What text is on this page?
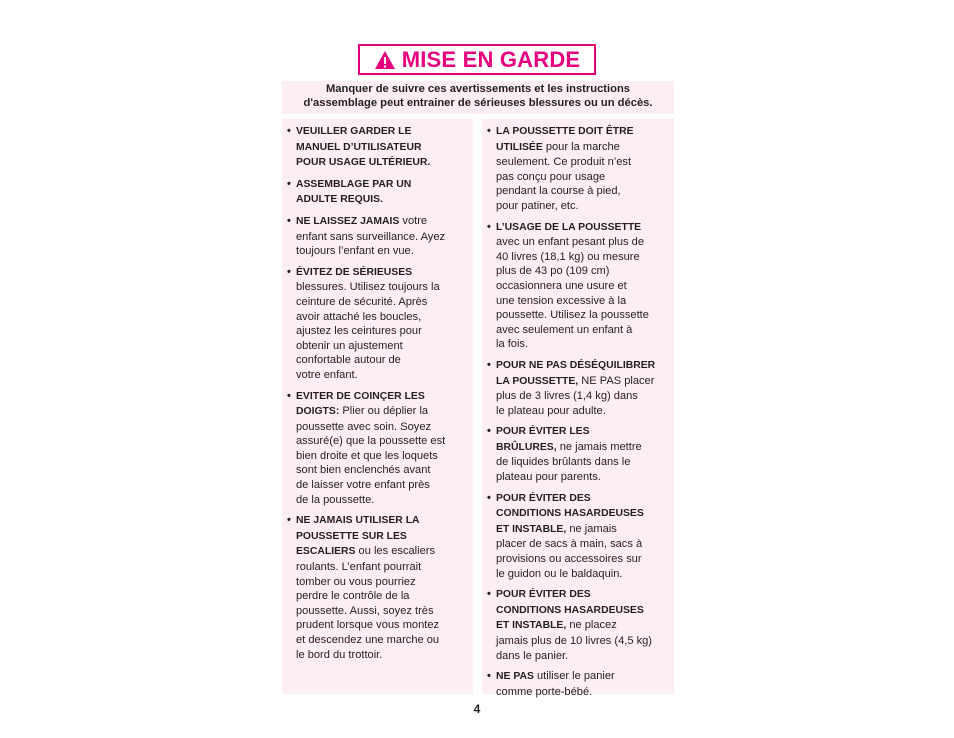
MISE EN GARDE
Manquer de suivre ces avertissements et les instructions
d'assemblage peut entrainer de sérieuses blessures ou un décès.
• VEUILLER GARDER LE
MANUEL D’UTILISATEUR
POUR USAGE ULTÉRIEUR.
• ASSEMBLAGE PAR UN
ADULTE REQUIS.
• NE LAISSEZ JAMAIS votre
enfant sans surveillance. Ayez
toujours l’enfant en vue.
• ÉVITEZ DE SÉRIEUSES
blessures. Utilisez toujours la
ceinture de sécurité. Après
avoir attaché les boucles,
ajustez les ceintures pour
obtenir un ajustement
confortable autour de
votre enfant.
• EVITER DE COINÇER LES
DOIGTS: Plier ou déplier la
poussette avec soin. Soyez
assuré(e) que la poussette est
bien droite et que les loquets
sont bien enclenchés avant
de laisser votre enfant près
de la poussette.
• NE JAMAIS UTILISER LA
POUSSETTE SUR LES
ESCALIERS ou les escaliers
roulants. L’enfant pourrait
tomber ou vous pourriez
perdre le contrôle de la
poussette. Aussi, soyez très
prudent lorsque vous montez
et descendez une marche ou
le bord du trottoir.
• LA POUSSETTE DOIT ÊTRE
UTILISÉE pour la marche
seulement. Ce produit n’est
pas conçu pour usage
pendant la course à pied,
pour patiner, etc.
• L’USAGE DE LA POUSSETTE
avec un enfant pesant plus de
40 livres (18,1 kg) ou mesure
plus de 43 po (109 cm)
occasionnera une usure et
une tension excessive à la
poussette. Utilisez la poussette
avec seulement un enfant à
la fois.
• POUR NE PAS DÉSÉQUILIBRER
LA POUSSETTE, NE PAS placer
plus de 3 livres (1,4 kg) dans
le plateau pour adulte.
• POUR ÉVITER LES
BRÛLURES, ne jamais mettre
de liquides brûlants dans le
plateau pour parents.
• POUR ÉVITER DES
CONDITIONS HASARDEUSES
ET INSTABLE, ne jamais
placer de sacs à main, sacs à
provisions ou accessoires sur
le guidon ou le baldaquin.
• POUR ÉVITER DES
CONDITIONS HASARDEUSES
ET INSTABLE, ne placez
jamais plus de 10 livres (4,5 kg)
dans le panier.
• NE PAS utiliser le panier
comme porte-bébé.
4
